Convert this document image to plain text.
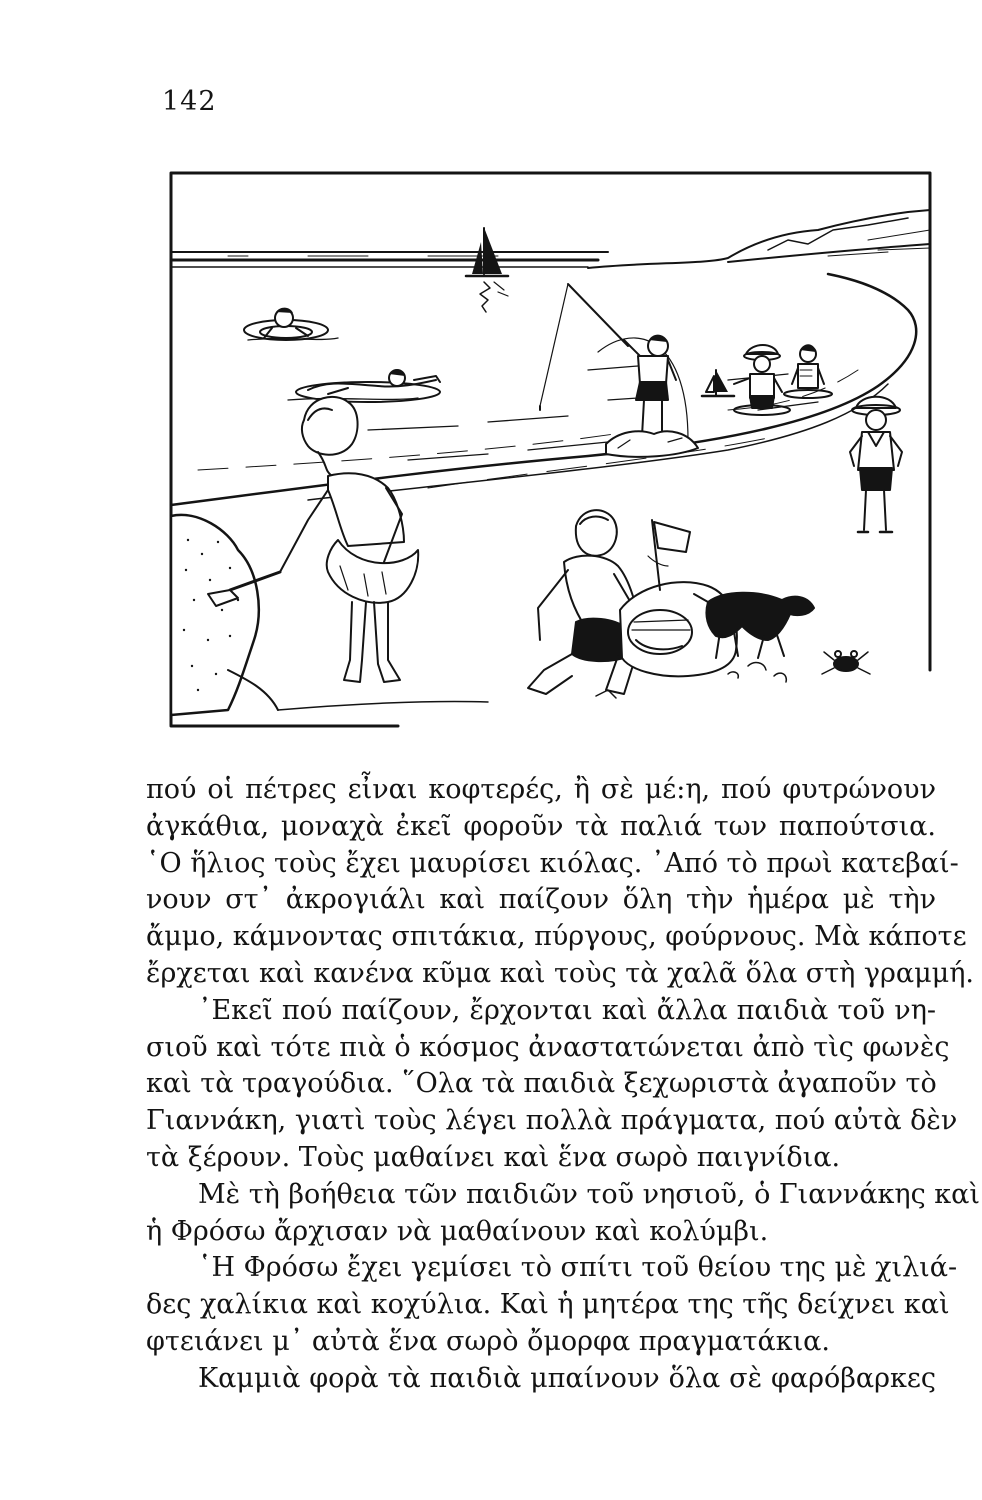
142
πού οἱ πέτρες εἶναι κοφτερές, ἢ σὲ μέ:η, πού φυτρώνουν
ἀγκάθια, μοναχὰ ἐκεῖ φοροῦν τὰ παλιά των παπούτσια.
῾Ο ἥλιος τοὺς ἔχει μαυρίσει κιόλας. ᾿Από τὸ πρωὶ κατεβαί-
νουν στ᾿ ἀκρογιάλι καὶ παίζουν ὅλη τὴν ἡμέρα μὲ τὴν
ἄμμο, κάμνοντας σπιτάκια, πύργους, φούρνους. Μὰ κάποτε
ἔρχεται καὶ κανένα κῦμα καὶ τοὺς τὰ χαλᾶ ὅλα στὴ γραμμή.
᾿Εκεῖ πού παίζουν, ἔρχονται καὶ ἄλλα παιδιὰ τοῦ νη-
σιοῦ καὶ τότε πιὰ ὁ κόσμος ἀναστατώνεται ἀπὸ τὶς φωνὲς
καὶ τὰ τραγούδια. ῞Ολα τὰ παιδιὰ ξεχωριστὰ ἀγαποῦν τὸ
Γιαννάκη, γιατὶ τοὺς λέγει πολλὰ πράγματα, πού αὐτὰ δὲν
τὰ ξέρουν. Τοὺς μαθαίνει καὶ ἕνα σωρὸ παιγνίδια.
Μὲ τὴ βοήθεια τῶν παιδιῶν τοῦ νησιοῦ, ὁ Γιαννάκης καὶ
ἡ Φρόσω ἄρχισαν νὰ μαθαίνουν καὶ κολύμβι.
῾Η Φρόσω ἔχει γεμίσει τὸ σπίτι τοῦ θείου της μὲ χιλιά-
δες χαλίκια καὶ κοχύλια. Καὶ ἡ μητέρα της τῆς δείχνει καὶ
φτειάνει μ᾿ αὐτὰ ἕνα σωρὸ ὄμορφα πραγματάκια.
Καμμιὰ φορὰ τὰ παιδιὰ μπαίνουν ὅλα σὲ φαρόβαρκες
